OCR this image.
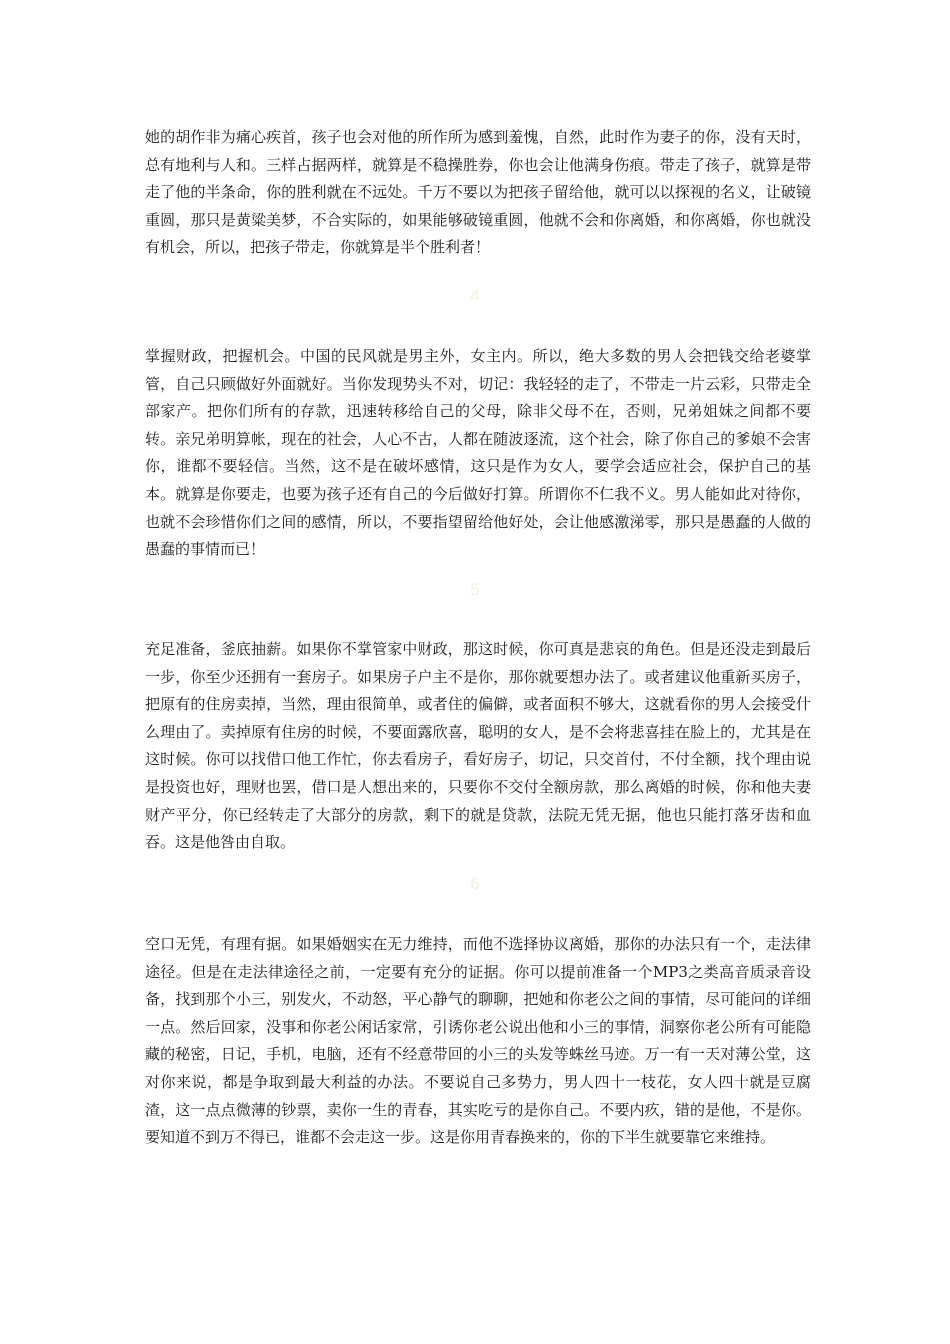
她的胡作非为痛心疾首，孩子也会对他的所作所为感到羞愧，自然，此时作为妻子的你，没有天时，总有地利与人和。三样占据两样，就算是不稳操胜券，你也会让他满身伤痕。带走了孩子，就算是带走了他的半条命，你的胜利就在不远处。千万不要以为把孩子留给他，就可以以探视的名义，让破镜重圆，那只是黄粱美梦，不合实际的，如果能够破镜重圆，他就不会和你离婚，和你离婚，你也就没有机会，所以，把孩子带走，你就算是半个胜利者！

4

掌握财政，把握机会。中国的民风就是男主外，女主内。所以，绝大多数的男人会把钱交给老婆掌管，自己只顾做好外面就好。当你发现势头不对，切记：我轻轻的走了，不带走一片云彩，只带走全部家产。把你们所有的存款，迅速转移给自己的父母，除非父母不在，否则，兄弟姐妹之间都不要转。亲兄弟明算帐，现在的社会，人心不古，人都在随波逐流，这个社会，除了你自己的爹娘不会害你，谁都不要轻信。当然，这不是在破坏感情，这只是作为女人，要学会适应社会，保护自己的基本。就算是你要走，也要为孩子还有自己的今后做好打算。所谓你不仁我不义。男人能如此对待你，也就不会珍惜你们之间的感情，所以，不要指望留给他好处，会让他感激涕零，那只是愚蠢的人做的愚蠢的事情而已！

5

充足准备，釜底抽薪。如果你不掌管家中财政，那这时候，你可真是悲哀的角色。但是还没走到最后一步，你至少还拥有一套房子。如果房子户主不是你，那你就要想办法了。或者建议他重新买房子，把原有的住房卖掉，当然，理由很简单，或者住的偏僻，或者面积不够大，这就看你的男人会接受什么理由了。卖掉原有住房的时候，不要面露欣喜，聪明的女人，是不会将悲喜挂在脸上的，尤其是在这时候。你可以找借口他工作忙，你去看房子，看好房子，切记，只交首付，不付全额，找个理由说是投资也好，理财也罢，借口是人想出来的，只要你不交付全额房款，那么离婚的时候，你和他夫妻财产平分，你已经转走了大部分的房款，剩下的就是贷款，法院无凭无据，他也只能打落牙齿和血吞。这是他咎由自取。

6

空口无凭，有理有据。如果婚姻实在无力维持，而他不选择协议离婚，那你的办法只有一个，走法律途径。但是在走法律途径之前，一定要有充分的证据。你可以提前准备一个MP3之类高音质录音设备，找到那个小三，别发火，不动怒，平心静气的聊聊，把她和你老公之间的事情，尽可能问的详细一点。然后回家，没事和你老公闲话家常，引诱你老公说出他和小三的事情，洞察你老公所有可能隐藏的秘密，日记，手机，电脑，还有不经意带回的小三的头发等蛛丝马迹。万一有一天对薄公堂，这对你来说，都是争取到最大利益的办法。不要说自己多势力，男人四十一枝花，女人四十就是豆腐渣，这一点点微薄的钞票，卖你一生的青春，其实吃亏的是你自己。不要内疚，错的是他，不是你。要知道不到万不得已，谁都不会走这一步。这是你用青春换来的，你的下半生就要靠它来维持。
